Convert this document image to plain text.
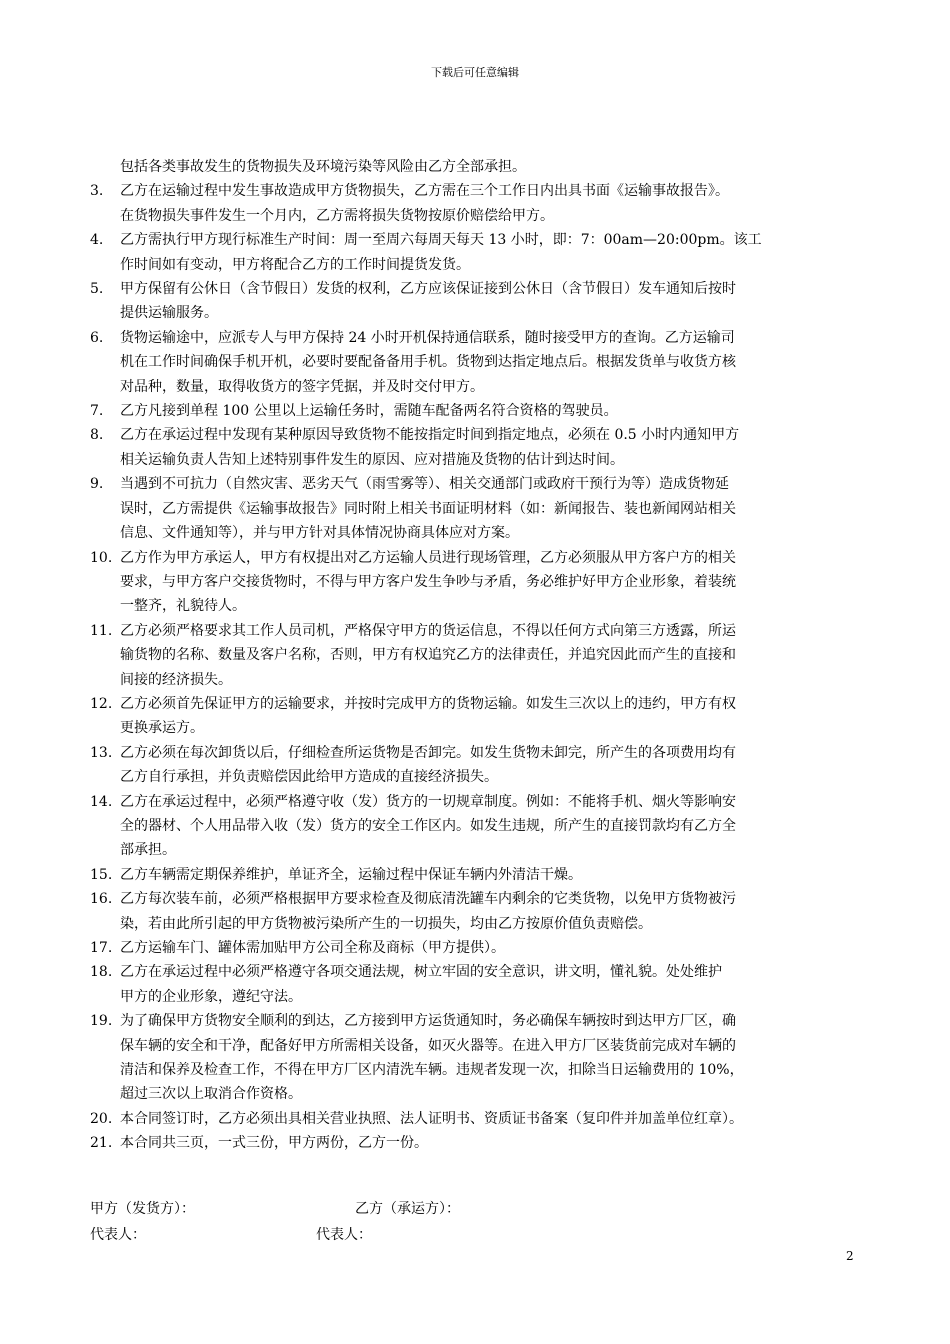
下载后可任意编辑
包括各类事故发生的货物损失及环境污染等风险由乙方全部承担。
3. 乙方在运输过程中发生事故造成甲方货物损失，乙方需在三个工作日内出具书面《运输事故报告》。
在货物损失事件发生一个月内，乙方需将损失货物按原价赔偿给甲方。
4. 乙方需执行甲方现行标准生产时间：周一至周六每周天每天 13 小时，即：7：00am—20:00pm。该工
作时间如有变动，甲方将配合乙方的工作时间提货发货。
5. 甲方保留有公休日（含节假日）发货的权利，乙方应该保证接到公休日（含节假日）发车通知后按时
提供运输服务。
6. 货物运输途中，应派专人与甲方保持 24 小时开机保持通信联系，随时接受甲方的查询。乙方运输司
机在工作时间确保手机开机，必要时要配备备用手机。货物到达指定地点后。根据发货单与收货方核
对品种，数量，取得收货方的签字凭据，并及时交付甲方。
7. 乙方凡接到单程 100 公里以上运输任务时，需随车配备两名符合资格的驾驶员。
8. 乙方在承运过程中发现有某种原因导致货物不能按指定时间到指定地点，必须在 0.5 小时内通知甲方
相关运输负责人告知上述特别事件发生的原因、应对措施及货物的估计到达时间。
9. 当遇到不可抗力（自然灾害、恶劣天气（雨雪雾等）、相关交通部门或政府干预行为等）造成货物延
误时，乙方需提供《运输事故报告》同时附上相关书面证明材料（如：新闻报告、装也新闻网站相关
信息、文件通知等），并与甲方针对具体情况协商具体应对方案。
10. 乙方作为甲方承运人，甲方有权提出对乙方运输人员进行现场管理，乙方必须服从甲方客户方的相关
要求，与甲方客户交接货物时，不得与甲方客户发生争吵与矛盾，务必维护好甲方企业形象，着装统
一整齐，礼貌待人。
11. 乙方必须严格要求其工作人员司机，严格保守甲方的货运信息，不得以任何方式向第三方透露，所运
输货物的名称、数量及客户名称，否则，甲方有权追究乙方的法律责任，并追究因此而产生的直接和
间接的经济损失。
12. 乙方必须首先保证甲方的运输要求，并按时完成甲方的货物运输。如发生三次以上的违约，甲方有权
更换承运方。
13. 乙方必须在每次卸货以后，仔细检查所运货物是否卸完。如发生货物未卸完，所产生的各项费用均有
乙方自行承担，并负责赔偿因此给甲方造成的直接经济损失。
14. 乙方在承运过程中，必须严格遵守收（发）货方的一切规章制度。例如：不能将手机、烟火等影响安
全的器材、个人用品带入收（发）货方的安全工作区内。如发生违规，所产生的直接罚款均有乙方全
部承担。
15. 乙方车辆需定期保养维护，单证齐全，运输过程中保证车辆内外清洁干燥。
16. 乙方每次装车前，必须严格根据甲方要求检查及彻底清洗罐车内剩余的它类货物，以免甲方货物被污
染，若由此所引起的甲方货物被污染所产生的一切损失，均由乙方按原价值负责赔偿。
17. 乙方运输车门、罐体需加贴甲方公司全称及商标（甲方提供）。
18. 乙方在承运过程中必须严格遵守各项交通法规，树立牢固的安全意识，讲文明，懂礼貌。处处维护
甲方的企业形象，遵纪守法。
19. 为了确保甲方货物安全顺利的到达，乙方接到甲方运货通知时，务必确保车辆按时到达甲方厂区，确
保车辆的安全和干净，配备好甲方所需相关设备，如灭火器等。在进入甲方厂区装货前完成对车辆的
清洁和保养及检查工作，不得在甲方厂区内清洗车辆。违规者发现一次，扣除当日运输费用的 10%，
超过三次以上取消合作资格。
20. 本合同签订时，乙方必须出具相关营业执照、法人证明书、资质证书备案（复印件并加盖单位红章）。
21. 本合同共三页，一式三份，甲方两份，乙方一份。
甲方（发货方）：	乙方（承运方）：
代表人：	代表人：
2
